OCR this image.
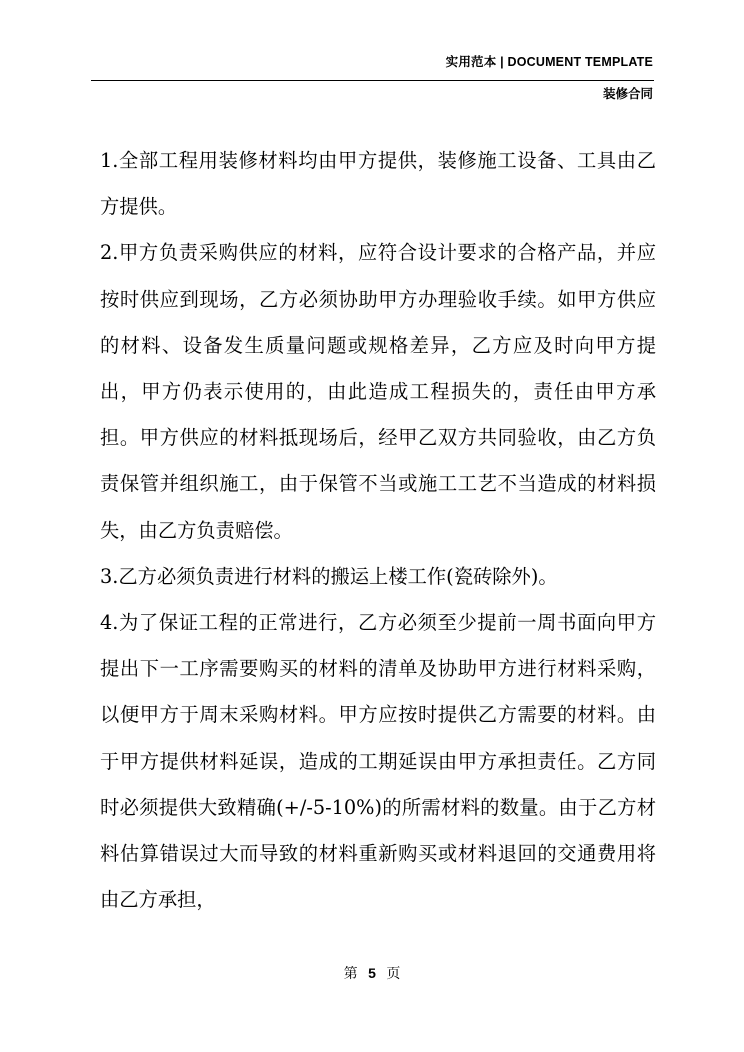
实用范本 | DOCUMENT TEMPLATE
装修合同

1.全部工程用装修材料均由甲方提供，装修施工设备、工具由乙方提供。

2.甲方负责采购供应的材料，应符合设计要求的合格产品，并应按时供应到现场，乙方必须协助甲方办理验收手续。如甲方供应的材料、设备发生质量问题或规格差异，乙方应及时向甲方提出，甲方仍表示使用的，由此造成工程损失的，责任由甲方承担。甲方供应的材料抵现场后，经甲乙双方共同验收，由乙方负责保管并组织施工，由于保管不当或施工工艺不当造成的材料损失，由乙方负责赔偿。

3.乙方必须负责进行材料的搬运上楼工作(瓷砖除外)。

4.为了保证工程的正常进行，乙方必须至少提前一周书面向甲方提出下一工序需要购买的材料的清单及协助甲方进行材料采购，以便甲方于周末采购材料。甲方应按时提供乙方需要的材料。由于甲方提供材料延误，造成的工期延误由甲方承担责任。乙方同时必须提供大致精确(+/-5-10%)的所需材料的数量。由于乙方材料估算错误过大而导致的材料重新购买或材料退回的交通费用将由乙方承担，

第 5 页
